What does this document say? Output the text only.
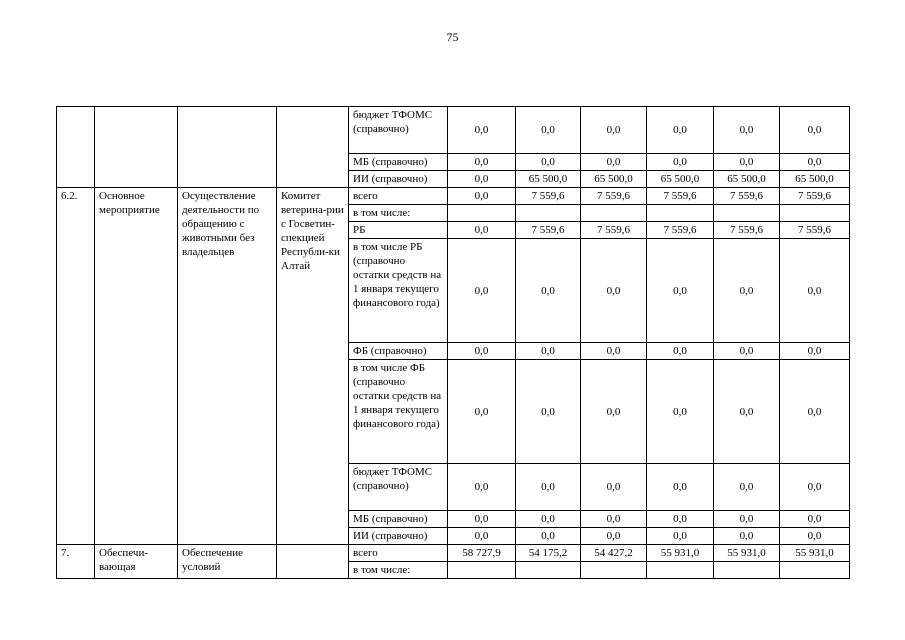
75
				бюджет ТФОМС (справочно)	0,0	0,0	0,0	0,0	0,0	0,0
				МБ (справочно)	0,0	0,0	0,0	0,0	0,0	0,0
				ИИ (справочно)	0,0	65 500,0	65 500,0	65 500,0	65 500,0	65 500,0
6.2.	Основное мероприятие	Осуществление деятельности по обращению с животными без владельцев	Комитет ветерина-рии с Госветин-спекцией Республи-ки Алтай	всего	0,0	7 559,6	7 559,6	7 559,6	7 559,6	7 559,6
				в том числе:						
				РБ	0,0	7 559,6	7 559,6	7 559,6	7 559,6	7 559,6
				в том числе РБ (справочно остатки средств на 1 января текущего финансового года)	0,0	0,0	0,0	0,0	0,0	0,0
				ФБ (справочно)	0,0	0,0	0,0	0,0	0,0	0,0
				в том числе ФБ (справочно остатки средств на 1 января текущего финансового года)	0,0	0,0	0,0	0,0	0,0	0,0
				бюджет ТФОМС (справочно)	0,0	0,0	0,0	0,0	0,0	0,0
				МБ (справочно)	0,0	0,0	0,0	0,0	0,0	0,0
				ИИ (справочно)	0,0	0,0	0,0	0,0	0,0	0,0
7.	Обеспечи-вающая	Обеспечение условий		всего	58 727,9	54 175,2	54 427,2	55 931,0	55 931,0	55 931,0
				в том числе:						
